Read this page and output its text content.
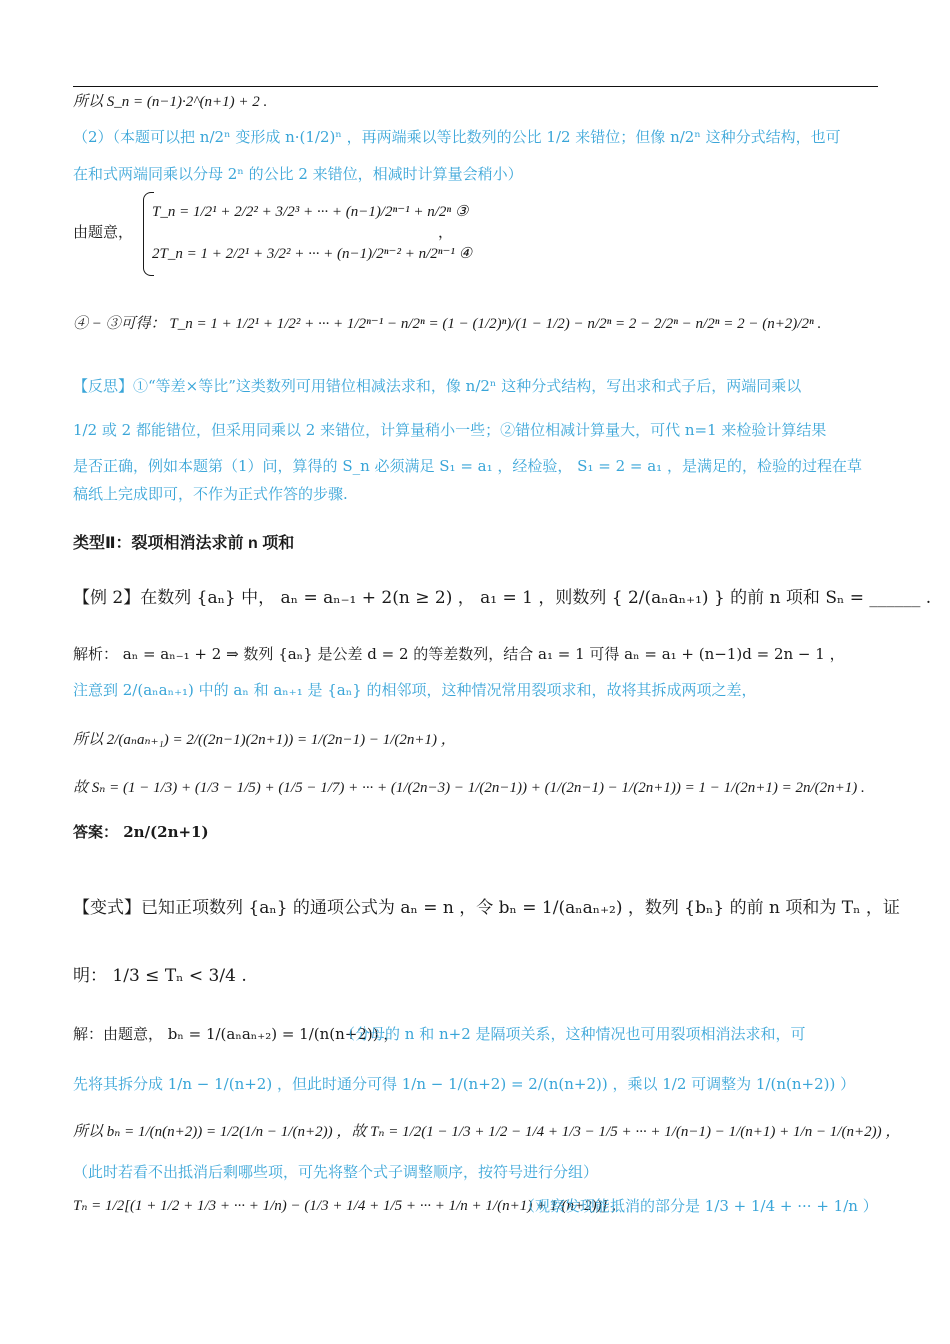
所以 S_n = (n−1)·2^(n+1) + 2 .
（2）（本题可以把 n/2ⁿ 变形成 n·(1/2)ⁿ ，再两端乘以等比数列的公比 1/2 来错位；但像 n/2ⁿ 这种分式结构，也可
在和式两端同乘以分母 2ⁿ 的公比 2 来错位，相减时计算量会稍小）
由题意，
T_n = 1/2¹ + 2/2² + 3/2³ + ··· + (n−1)/2ⁿ⁻¹ + n/2ⁿ ③
2T_n = 1 + 2/2¹ + 3/2² + ··· + (n−1)/2ⁿ⁻² + n/2ⁿ⁻¹ ④
，
④ − ③可得： T_n = 1 + 1/2¹ + 1/2² + ··· + 1/2ⁿ⁻¹ − n/2ⁿ = (1 − (1/2)ⁿ)/(1 − 1/2) − n/2ⁿ = 2 − 2/2ⁿ − n/2ⁿ = 2 − (n+2)/2ⁿ .
【反思】①“等差×等比”这类数列可用错位相减法求和，像 n/2ⁿ 这种分式结构，写出求和式子后，两端同乘以
1/2 或 2 都能错位，但采用同乘以 2 来错位，计算量稍小一些；②错位相减计算量大，可代 n=1 来检验计算结果
是否正确，例如本题第（1）问，算得的 S_n 必须满足 S₁ = a₁ ，经检验， S₁ = 2 = a₁ ，是满足的，检验的过程在草
稿纸上完成即可，不作为正式作答的步骤.
类型Ⅱ：裂项相消法求前 n 项和
【例 2】在数列 {aₙ} 中， aₙ = aₙ₋₁ + 2(n ≥ 2) ， a₁ = 1 ，则数列 { 2/(aₙaₙ₊₁) } 的前 n 项和 Sₙ = ______ .
解析： aₙ = aₙ₋₁ + 2 ⇒ 数列 {aₙ} 是公差 d = 2 的等差数列，结合 a₁ = 1 可得 aₙ = a₁ + (n−1)d = 2n − 1 ，
注意到 2/(aₙaₙ₊₁) 中的 aₙ 和 aₙ₊₁ 是 {aₙ} 的相邻项，这种情况常用裂项求和，故将其拆成两项之差，
所以 2/(aₙaₙ₊₁) = 2/((2n−1)(2n+1)) = 1/(2n−1) − 1/(2n+1) ，
故 Sₙ = (1 − 1/3) + (1/3 − 1/5) + (1/5 − 1/7) + ··· + (1/(2n−3) − 1/(2n−1)) + (1/(2n−1) − 1/(2n+1)) = 1 − 1/(2n+1) = 2n/(2n+1) .
答案： 2n/(2n+1)
【变式】已知正项数列 {aₙ} 的通项公式为 aₙ = n ，令 bₙ = 1/(aₙaₙ₊₂) ，数列 {bₙ} 的前 n 项和为 Tₙ ，证
明： 1/3 ≤ Tₙ < 3/4 .
解：由题意， bₙ = 1/(aₙaₙ₊₂) = 1/(n(n+2)) ，
（分母的 n 和 n+2 是隔项关系，这种情况也可用裂项相消法求和，可
先将其拆分成 1/n − 1/(n+2) ，但此时通分可得 1/n − 1/(n+2) = 2/(n(n+2)) ，乘以 1/2 可调整为 1/(n(n+2)) ）
所以 bₙ = 1/(n(n+2)) = 1/2(1/n − 1/(n+2)) ，故 Tₙ = 1/2(1 − 1/3 + 1/2 − 1/4 + 1/3 − 1/5 + ··· + 1/(n−1) − 1/(n+1) + 1/n − 1/(n+2)) ，
（此时若看不出抵消后剩哪些项，可先将整个式子调整顺序，按符号进行分组）
Tₙ = 1/2[(1 + 1/2 + 1/3 + ··· + 1/n) − (1/3 + 1/4 + 1/5 + ··· + 1/n + 1/(n+1) + 1/(n+2))] ，
（观察发现能抵消的部分是 1/3 + 1/4 + ··· + 1/n ）
